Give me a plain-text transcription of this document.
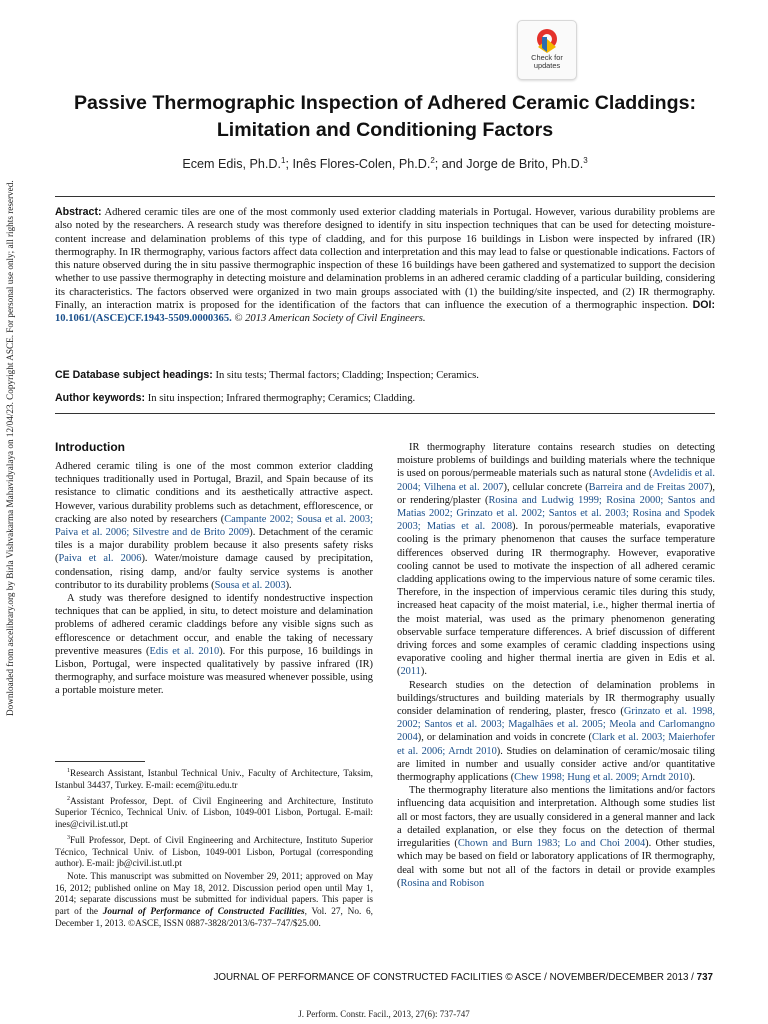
Downloaded from ascelibrary.org by Birla Vishvakarma Mahavidyalaya on 12/04/23. Copyright ASCE. For personal use only; all rights reserved.
Check for
updates
Passive Thermographic Inspection of Adhered Ceramic Claddings: Limitation and Conditioning Factors
Ecem Edis, Ph.D.$^1$; Inês Flores-Colen, Ph.D.$^2$; and Jorge de Brito, Ph.D.$^3$
Abstract: Adhered ceramic tiles are one of the most commonly used exterior cladding materials in Portugal. However, various durability problems are also noted by the researchers. A research study was therefore designed to identify in situ inspection techniques that can be used for detecting moisture-content increase and delamination problems of this type of cladding, and for this purpose 16 buildings in Lisbon were inspected by infrared (IR) thermography. In IR thermography, various factors affect data collection and interpretation and this may lead to false or questionable indications. Factors of this nature observed during the in situ passive thermographic inspection of these 16 buildings have been gathered and systematized to support the decision whether to use passive thermography in detecting moisture and delamination problems in an adhered ceramic cladding of a particular building, considering its characteristics. The factors observed were organized in two main groups associated with (1) the building/site inspected, and (2) IR thermography. Finally, an interaction matrix is proposed for the identification of the factors that can influence the execution of a thermographic inspection. DOI: 10.1061/(ASCE)CF.1943-5509.0000365. © 2013 American Society of Civil Engineers.
CE Database subject headings: In situ tests; Thermal factors; Cladding; Inspection; Ceramics.
Author keywords: In situ inspection; Infrared thermography; Ceramics; Cladding.
Introduction

Adhered ceramic tiling is one of the most common exterior cladding techniques traditionally used in Portugal, Brazil, and Spain because of its resistance to climatic conditions and its aesthetically attractive aspect. However, various durability problems such as detachment, efflorescence, or cracking are also noted by researchers (Campante 2002; Sousa et al. 2003; Paiva et al. 2006; Silvestre and de Brito 2009). Detachment of the ceramic tiles is a major durability problem because it also presents safety risks (Paiva et al. 2006). Water/moisture damage caused by precipitation, condensation, rising damp, and/or faulty service systems is another contributor to its durability problems (Sousa et al. 2003).

A study was therefore designed to identify nondestructive inspection techniques that can be applied, in situ, to detect moisture and delamination problems of adhered ceramic claddings before any visible signs such as efflorescence or detachment occur, and enable the taking of necessary preventive measures (Edis et al. 2010). For this purpose, 16 buildings in Lisbon, Portugal, were inspected qualitatively by passive infrared (IR) thermography, and surface moisture was measured whenever possible, using a portable moisture meter.

$^1$Research Assistant, Istanbul Technical Univ., Faculty of Architecture, Taksim, Istanbul 34437, Turkey. E-mail: ecem@itu.edu.tr

$^2$Assistant Professor, Dept. of Civil Engineering and Architecture, Instituto Superior Técnico, Technical Univ. of Lisbon, 1049-001 Lisbon, Portugal. E-mail: ines@civil.ist.utl.pt

$^3$Full Professor, Dept. of Civil Engineering and Architecture, Instituto Superior Técnico, Technical Univ. of Lisbon, 1049-001 Lisbon, Portugal (corresponding author). E-mail: jb@civil.ist.utl.pt

Note. This manuscript was submitted on November 29, 2011; approved on May 16, 2012; published online on May 18, 2012. Discussion period open until May 1, 2014; separate discussions must be submitted for individual papers. This paper is part of the Journal of Performance of Constructed Facilities, Vol. 27, No. 6, December 1, 2013. ©ASCE, ISSN 0887-3828/2013/6-737–747/$25.00.

IR thermography literature contains research studies on detecting moisture problems of buildings and building materials where the technique is used on porous/permeable materials such as natural stone (Avdelidis et al. 2004; Vilhena et al. 2007), cellular concrete (Barreira and de Freitas 2007), or rendering/plaster (Rosina and Ludwig 1999; Rosina 2000; Santos and Matias 2002; Grinzato et al. 2002; Santos et al. 2003; Rosina and Spodek 2003; Matias et al. 2008). In porous/permeable materials, evaporative cooling is the primary phenomenon that causes the surface temperature differences observed during IR thermography. However, evaporative cooling cannot be used to motivate the inspection of all adhered ceramic cladding applications owing to the impervious nature of some ceramic tiles. Therefore, in the inspection of impervious ceramic tiles during this study, increased heat capacity of the moist material, i.e., higher thermal inertia of the moist material, was used as the primary phenomenon generating observable surface temperature differences. A brief discussion of different driving forces and some examples of ceramic cladding inspections using evaporative cooling and higher thermal inertia are given in Edis et al. (2011).

Research studies on the detection of delamination problems in buildings/structures and building materials by IR thermography usually consider delamination of rendering, plaster, fresco (Grinzato et al. 1998, 2002; Santos et al. 2003; Magalhães et al. 2005; Meola and Carlomangno 2004), or delamination and voids in concrete (Clark et al. 2003; Maierhofer et al. 2006; Arndt 2010). Studies on delamination of ceramic/mosaic tiling are limited in number and usually consider active and/or quantitative thermography applications (Chew 1998; Hung et al. 2009; Arndt 2010).

The thermography literature also mentions the limitations and/or factors influencing data acquisition and interpretation. Although some studies list all or most factors, they are usually considered in a general manner and lack a detailed explanation, or else they focus on the detection of thermal irregularities (Chown and Burn 1983; Lo and Choi 2004). Other studies, which may be based on field or laboratory applications of IR thermography, deal with some but not all of the factors in detail or provide examples (Rosina and Robison

JOURNAL OF PERFORMANCE OF CONSTRUCTED FACILITIES © ASCE / NOVEMBER/DECEMBER 2013 / 737
J. Perform. Constr. Facil., 2013, 27(6): 737-747
